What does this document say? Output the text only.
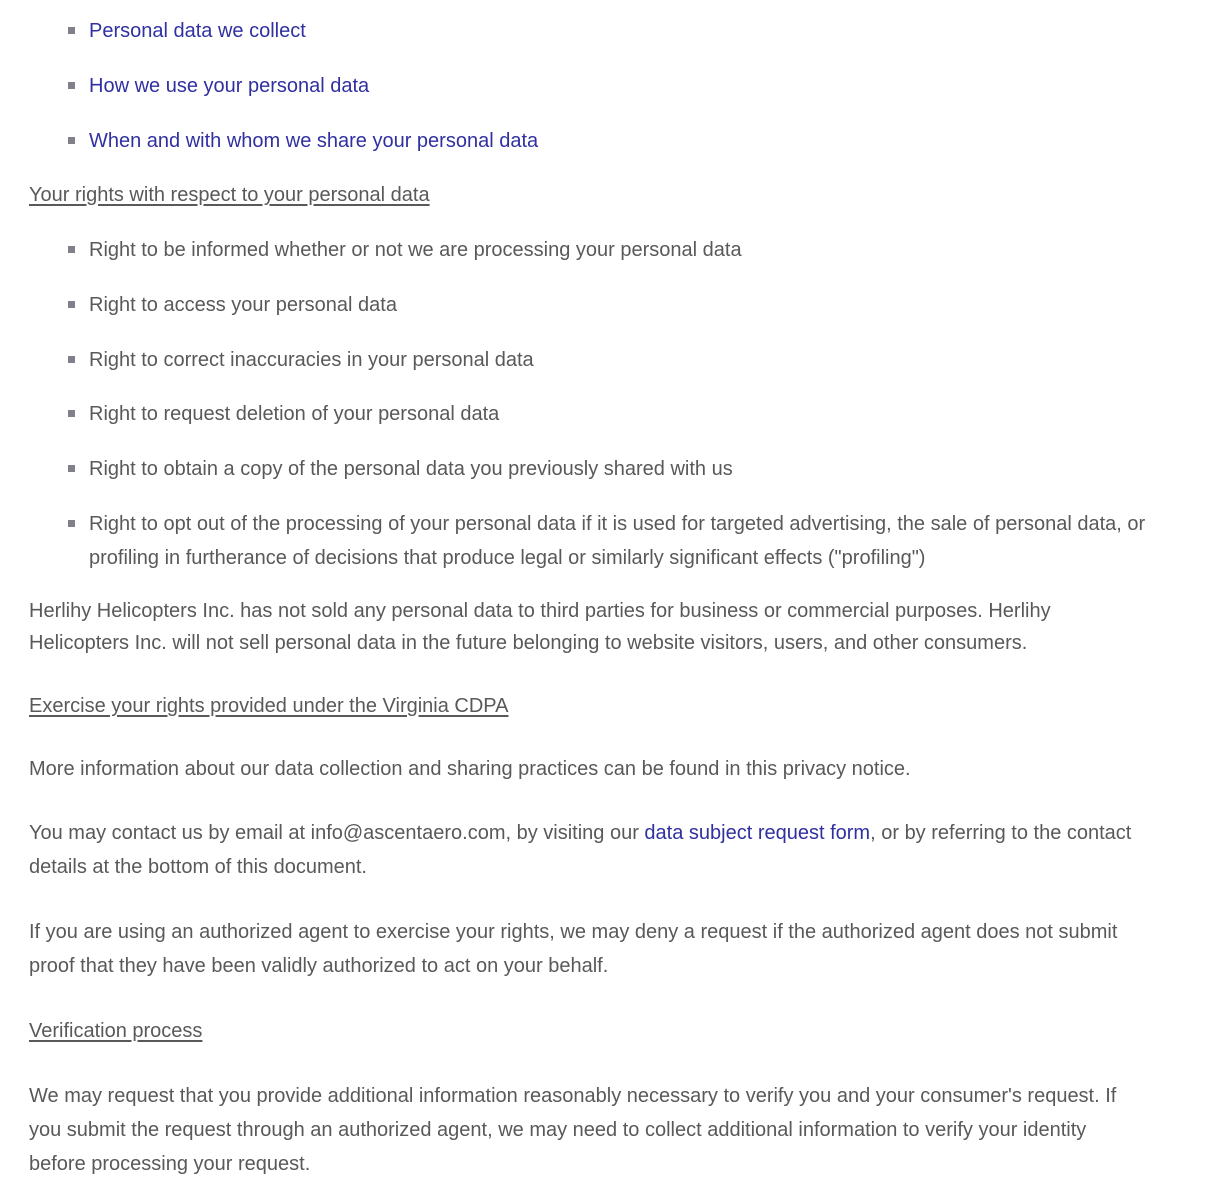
Personal data we collect
How we use your personal data
When and with whom we share your personal data
Your rights with respect to your personal data
Right to be informed whether or not we are processing your personal data
Right to access your personal data
Right to correct inaccuracies in your personal data
Right to request deletion of your personal data
Right to obtain a copy of the personal data you previously shared with us
Right to opt out of the processing of your personal data if it is used for targeted advertising, the sale of personal data, or profiling in furtherance of decisions that produce legal or similarly significant effects ("profiling")

Herlihy Helicopters Inc. has not sold any personal data to third parties for business or commercial purposes. Herlihy Helicopters Inc. will not sell personal data in the future belonging to website visitors, users, and other consumers.

Exercise your rights provided under the Virginia CDPA

More information about our data collection and sharing practices can be found in this privacy notice.

You may contact us by email at info@ascentaero.com, by visiting our data subject request form, or by referring to the contact details at the bottom of this document.

If you are using an authorized agent to exercise your rights, we may deny a request if the authorized agent does not submit proof that they have been validly authorized to act on your behalf.

Verification process

We may request that you provide additional information reasonably necessary to verify you and your consumer's request. If you submit the request through an authorized agent, we may need to collect additional information to verify your identity before processing your request.
